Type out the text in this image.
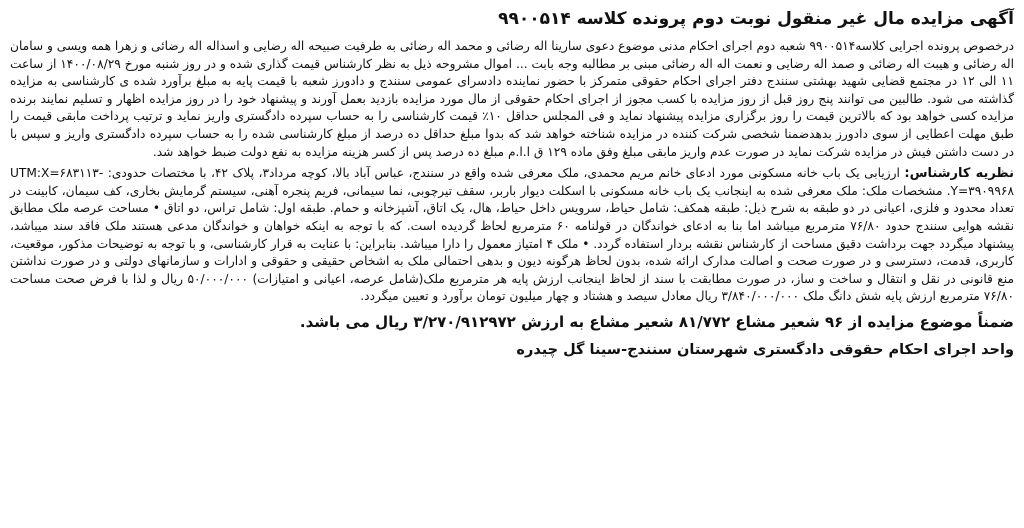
آگهی مزایده مال غیر منقول نوبت دوم پرونده کلاسه ۹۹۰۰۵۱۴

درخصوص پرونده اجرایی کلاسه۹۹۰۰۵۱۴ شعبه دوم اجرای احکام مدنی موضوع دعوی سارینا اله رضائی و محمد اله رضائی به طرفیت صبیحه اله رضایی و اسداله اله رضائی و زهرا همه ویسی و سامان اله رضائی و هیبت اله رضائی و صمد اله رضایی و نعمت اله اله رضائی مبنی بر مطالبه وجه بابت ... اموال مشروحه ذیل به نظر کارشناس قیمت گذاری شده و در روز شنبه مورخ ۱۴۰۰/۰۸/۲۹ از ساعت ۱۱ الی ۱۲ در مجتمع قضایی شهید بهشتی سنندج دفتر اجرای احکام حقوقی متمرکز با حضور نماینده دادسرای عمومی سنندج و دادورز شعبه با قیمت پایه به مبلغ برآورد شده ی کارشناسی به مزایده گذاشته می شود. طالبین می توانند پنج روز قبل از روز مزایده با کسب مجوز از اجرای احکام حقوقی از مال مورد مزایده بازدید بعمل آورند و پیشنهاد خود را در روز مزایده اظهار و تسلیم نمایند برنده مزایده کسی خواهد بود که بالاترین قیمت را روز برگزاری مزایده پیشنهاد نماید و فی المجلس حداقل ۱۰٪ قیمت کارشناسی را به حساب سپرده دادگستری واریز نماید و ترتیب پرداخت مابقی قیمت را طبق مهلت اعطایی از سوی دادورز بدهدضمنا شخصی شرکت کننده در مزایده شناخته خواهد شد که بدوا مبلغ حداقل ده درصد از مبلغ کارشناسی شده را به حساب سپرده دادگستری واریز و سپس با در دست داشتن فیش در مزایده شرکت نماید در صورت عدم واریز مابقی مبلغ وفق ماده ۱۲۹ ق ا.ا.م مبلغ ده درصد پس از کسر هزینه مزایده به نفع دولت ضبط خواهد شد.

نظریه کارشناس: ارزیابی یک باب خانه مسکونی مورد ادعای خانم مریم محمدی، ملک معرفی شده واقع در سنندج، عباس آباد بالا، کوچه مرداد۳، پلاک ۴۲، با مختصات حدودی: UTM:X=۶۸۳۱۱۳-Y=۳۹۰۹۹۶۸. مشخصات ملک: ملک معرفی شده به اینجانب یک باب خانه مسکونی با اسکلت دیوار باربر، سقف تیرچوبی، نما سیمانی، فریم پنجره آهنی، سیستم گرمایش بخاری، کف سیمان، کابینت در تعداد محدود و فلزی، اعیانی در دو طبقه به شرح ذیل: طبقه همکف: شامل حیاط، سرویس داخل حیاط، هال، یک اتاق، آشپزخانه و حمام. طبقه اول: شامل تراس، دو اتاق • مساحت عرصه ملک مطابق نقشه هوایی سنندج حدود ۷۶/۸۰ مترمربع میباشد اما بنا به ادعای خواندگان در قولنامه ۶۰ مترمربع لحاظ گردیده است. که با توجه به اینکه خواهان و خواندگان مدعی هستند ملک فاقد سند میباشد، پیشنهاد میگردد جهت برداشت دقیق مساحت از کارشناس نقشه بردار استفاده گردد. • ملک ۴ امتیاز معمول را دارا میباشد. بنابراین: با عنایت به قرار کارشناسی، و با توجه به توضیحات مذکور، موقعیت، کاربری، قدمت، دسترسی و در صورت صحت و اصالت مدارک ارائه شده، بدون لحاظ هرگونه دیون و بدهی احتمالی ملک به اشخاص حقیقی و حقوقی و ادارات و سازمانهای دولتی و در صورت نداشتن منع قانونی در نقل و انتقال و ساخت و ساز، در صورت مطابقت با سند از لحاظ اینجانب ارزش پایه هر مترمربع ملک(شامل عرصه، اعیانی و امتیازات) ۵۰/۰۰۰/۰۰۰ ریال و لذا با فرض صحت مساحت ۷۶/۸۰ مترمربع ارزش پایه شش دانگ ملک ۳/۸۴۰/۰۰۰/۰۰۰ ریال معادل سیصد و هشتاد و چهار میلیون تومان برآورد و تعیین میگردد.

ضمناً موضوع مزایده از ۹۶ شعیر مشاع ۸۱/۷۷۲ شعیر مشاع به ارزش ۳/۲۷۰/۹۱۲۹۷۲ ریال می باشد.
واحد اجرای احکام حقوقی دادگستری شهرستان سنندج-سینا گل چیدره
